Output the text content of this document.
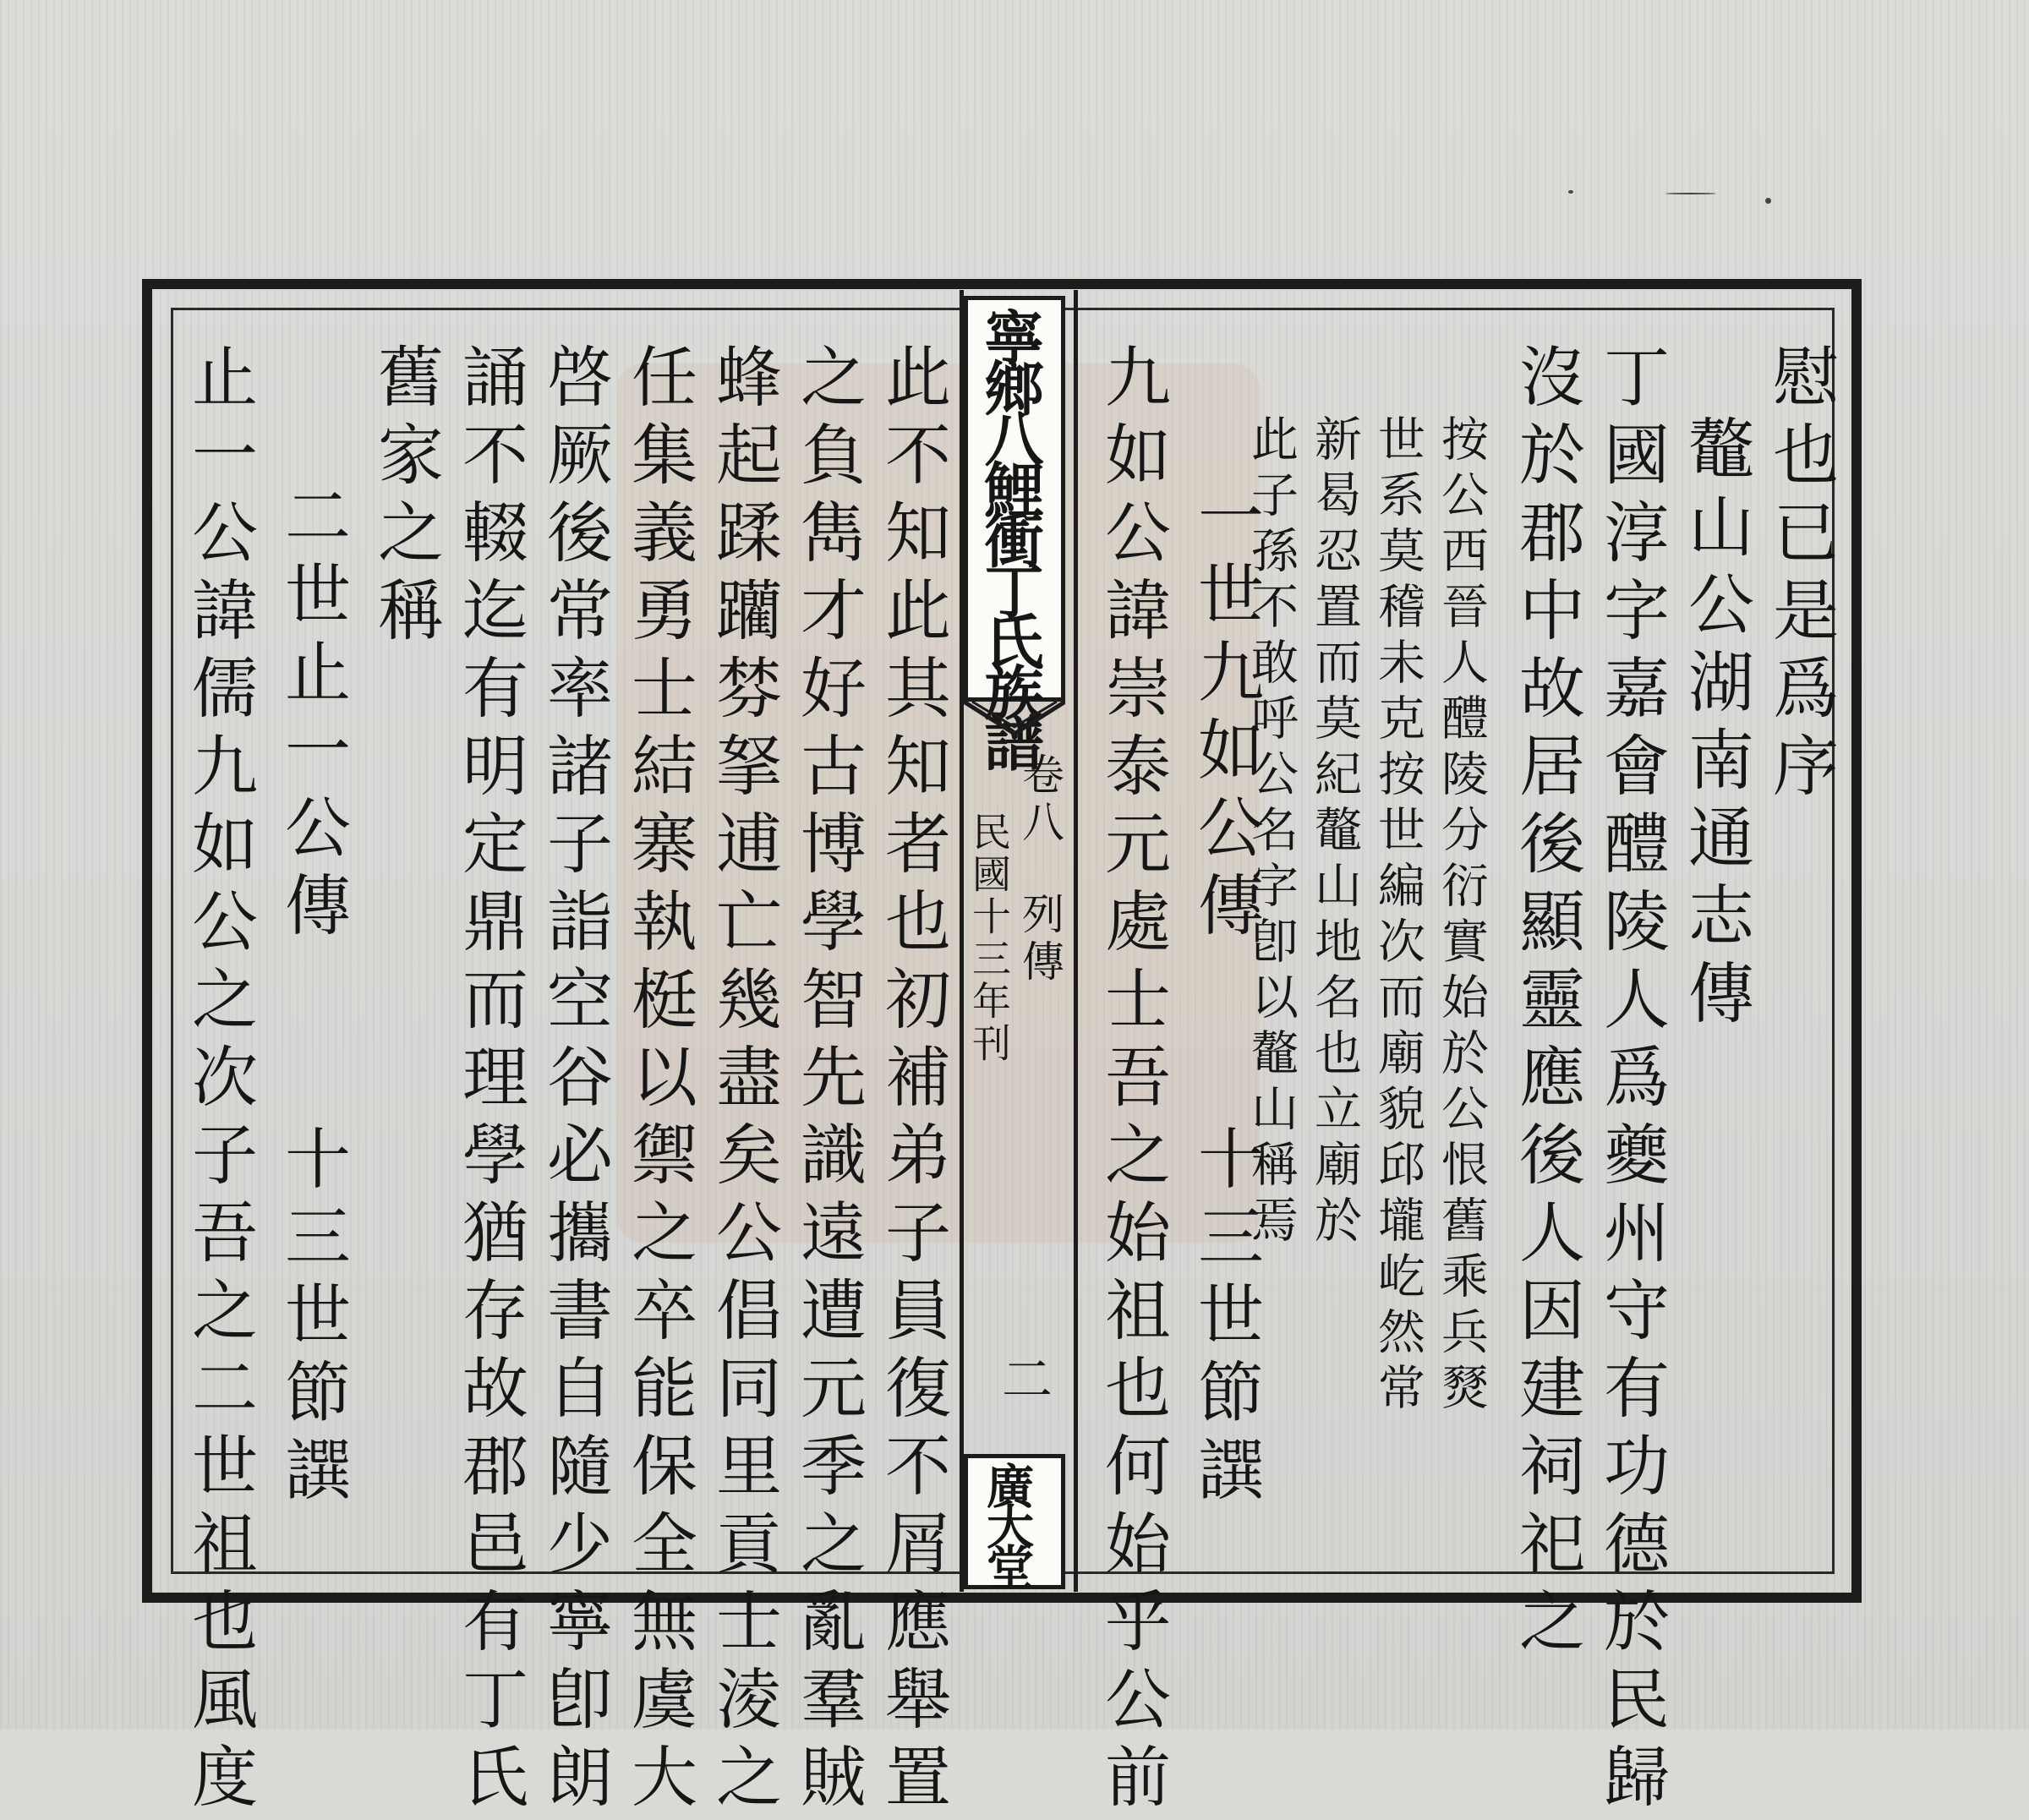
寧鄉八鯉衝丁氏族譜
卷八
列傳
民國十三年刊
二
廣大堂
慰也已是爲序
鼇山公湖南通志傳
丁國淳字嘉會醴陵人爲夔州守有功德於民歸
沒於郡中故居後顯靈應後人因建祠祀之
按公西晉人醴陵分衍實始於公恨舊乘兵燹
世系莫稽未克按世編次而廟貌邱壠屹然常
新曷忍置而莫紀鼇山地名也立廟於
此子孫不敢呼公名字卽以鼇山稱焉
一世九如公傳
十三世節譔
九如公諱崇泰元處士吾之始祖也何始乎公前
此不知此其知者也初補弟子員復不屑應舉置
之負雋才好古博學智先識遠遭元季之亂羣賊
蜂起蹂躪棼拏逋亡幾盡矣公倡同里貢士淩之
任集義勇士結寨執梃以禦之卒能保全無虞大
啓厥後常率諸子詣空谷必攜書自隨少寧卽朗
誦不輟迄有明定鼎而理學猶存故郡邑有丁氏
舊家之稱
二世止一公傳
十三世節譔
止一公諱儒九如公之次子吾之二世祖也風度
